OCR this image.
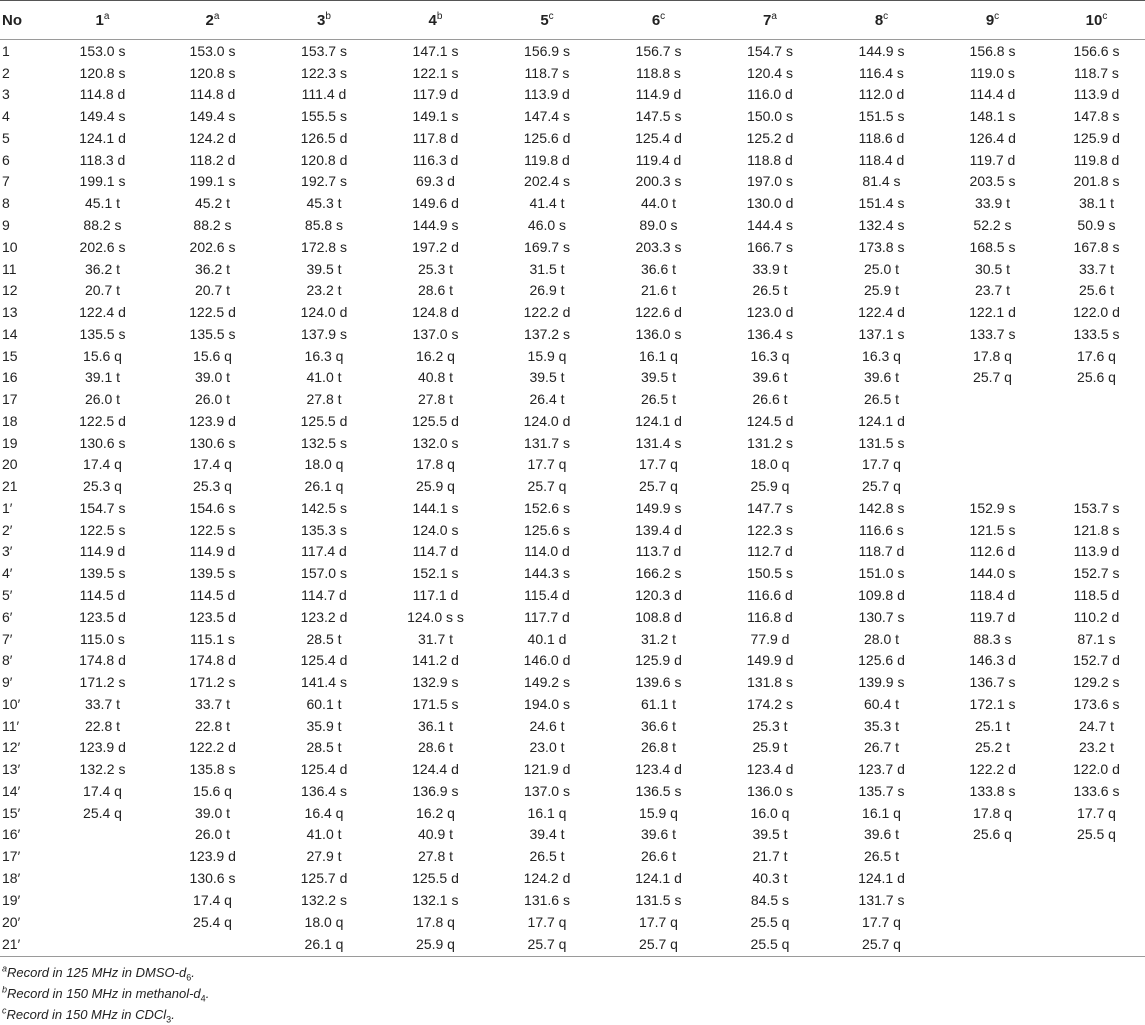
No	1$^a$	2$^a$	3$^b$	4$^b$	5$^c$	6$^c$	7$^a$	8$^c$	9$^c$	10$^c$
1	153.0 s	153.0 s	153.7 s	147.1 s	156.9 s	156.7 s	154.7 s	144.9 s	156.8 s	156.6 s
2	120.8 s	120.8 s	122.3 s	122.1 s	118.7 s	118.8 s	120.4 s	116.4 s	119.0 s	118.7 s
3	114.8 d	114.8 d	111.4 d	117.9 d	113.9 d	114.9 d	116.0 d	112.0 d	114.4 d	113.9 d
4	149.4 s	149.4 s	155.5 s	149.1 s	147.4 s	147.5 s	150.0 s	151.5 s	148.1 s	147.8 s
5	124.1 d	124.2 d	126.5 d	117.8 d	125.6 d	125.4 d	125.2 d	118.6 d	126.4 d	125.9 d
6	118.3 d	118.2 d	120.8 d	116.3 d	119.8 d	119.4 d	118.8 d	118.4 d	119.7 d	119.8 d
7	199.1 s	199.1 s	192.7 s	69.3 d	202.4 s	200.3 s	197.0 s	81.4 s	203.5 s	201.8 s
8	45.1 t	45.2 t	45.3 t	149.6 d	41.4 t	44.0 t	130.0 d	151.4 s	33.9 t	38.1 t
9	88.2 s	88.2 s	85.8 s	144.9 s	46.0 s	89.0 s	144.4 s	132.4 s	52.2 s	50.9 s
10	202.6 s	202.6 s	172.8 s	197.2 d	169.7 s	203.3 s	166.7 s	173.8 s	168.5 s	167.8 s
11	36.2 t	36.2 t	39.5 t	25.3 t	31.5 t	36.6 t	33.9 t	25.0 t	30.5 t	33.7 t
12	20.7 t	20.7 t	23.2 t	28.6 t	26.9 t	21.6 t	26.5 t	25.9 t	23.7 t	25.6 t
13	122.4 d	122.5 d	124.0 d	124.8 d	122.2 d	122.6 d	123.0 d	122.4 d	122.1 d	122.0 d
14	135.5 s	135.5 s	137.9 s	137.0 s	137.2 s	136.0 s	136.4 s	137.1 s	133.7 s	133.5 s
15	15.6 q	15.6 q	16.3 q	16.2 q	15.9 q	16.1 q	16.3 q	16.3 q	17.8 q	17.6 q
16	39.1 t	39.0 t	41.0 t	40.8 t	39.5 t	39.5 t	39.6 t	39.6 t	25.7 q	25.6 q
17	26.0 t	26.0 t	27.8 t	27.8 t	26.4 t	26.5 t	26.6 t	26.5 t		
18	122.5 d	123.9 d	125.5 d	125.5 d	124.0 d	124.1 d	124.5 d	124.1 d		
19	130.6 s	130.6 s	132.5 s	132.0 s	131.7 s	131.4 s	131.2 s	131.5 s		
20	17.4 q	17.4 q	18.0 q	17.8 q	17.7 q	17.7 q	18.0 q	17.7 q		
21	25.3 q	25.3 q	26.1 q	25.9 q	25.7 q	25.7 q	25.9 q	25.7 q		
1′	154.7 s	154.6 s	142.5 s	144.1 s	152.6 s	149.9 s	147.7 s	142.8 s	152.9 s	153.7 s
2′	122.5 s	122.5 s	135.3 s	124.0 s	125.6 s	139.4 d	122.3 s	116.6 s	121.5 s	121.8 s
3′	114.9 d	114.9 d	117.4 d	114.7 d	114.0 d	113.7 d	112.7 d	118.7 d	112.6 d	113.9 d
4′	139.5 s	139.5 s	157.0 s	152.1 s	144.3 s	166.2 s	150.5 s	151.0 s	144.0 s	152.7 s
5′	114.5 d	114.5 d	114.7 d	117.1 d	115.4 d	120.3 d	116.6 d	109.8 d	118.4 d	118.5 d
6′	123.5 d	123.5 d	123.2 d	124.0 s s	117.7 d	108.8 d	116.8 d	130.7 s	119.7 d	110.2 d
7′	115.0 s	115.1 s	28.5 t	31.7 t	40.1 d	31.2 t	77.9 d	28.0 t	88.3 s	87.1 s
8′	174.8 d	174.8 d	125.4 d	141.2 d	146.0 d	125.9 d	149.9 d	125.6 d	146.3 d	152.7 d
9′	171.2 s	171.2 s	141.4 s	132.9 s	149.2 s	139.6 s	131.8 s	139.9 s	136.7 s	129.2 s
10′	33.7 t	33.7 t	60.1 t	171.5 s	194.0 s	61.1 t	174.2 s	60.4 t	172.1 s	173.6 s
11′	22.8 t	22.8 t	35.9 t	36.1 t	24.6 t	36.6 t	25.3 t	35.3 t	25.1 t	24.7 t
12′	123.9 d	122.2 d	28.5 t	28.6 t	23.0 t	26.8 t	25.9 t	26.7 t	25.2 t	23.2 t
13′	132.2 s	135.8 s	125.4 d	124.4 d	121.9 d	123.4 d	123.4 d	123.7 d	122.2 d	122.0 d
14′	17.4 q	15.6 q	136.4 s	136.9 s	137.0 s	136.5 s	136.0 s	135.7 s	133.8 s	133.6 s
15′	25.4 q	39.0 t	16.4 q	16.2 q	16.1 q	15.9 q	16.0 q	16.1 q	17.8 q	17.7 q
16′		26.0 t	41.0 t	40.9 t	39.4 t	39.6 t	39.5 t	39.6 t	25.6 q	25.5 q
17′		123.9 d	27.9 t	27.8 t	26.5 t	26.6 t	21.7 t	26.5 t		
18′		130.6 s	125.7 d	125.5 d	124.2 d	124.1 d	40.3 t	124.1 d		
19′		17.4 q	132.2 s	132.1 s	131.6 s	131.5 s	84.5 s	131.7 s		
20′		25.4 q	18.0 q	17.8 q	17.7 q	17.7 q	25.5 q	17.7 q		
21′			26.1 q	25.9 q	25.7 q	25.7 q	25.5 q	25.7 q		
$^a$Record in 125 MHz in DMSO-$d_6$.
$^b$Record in 150 MHz in methanol-$d_4$.
$^c$Record in 150 MHz in CDCl$_3$.
